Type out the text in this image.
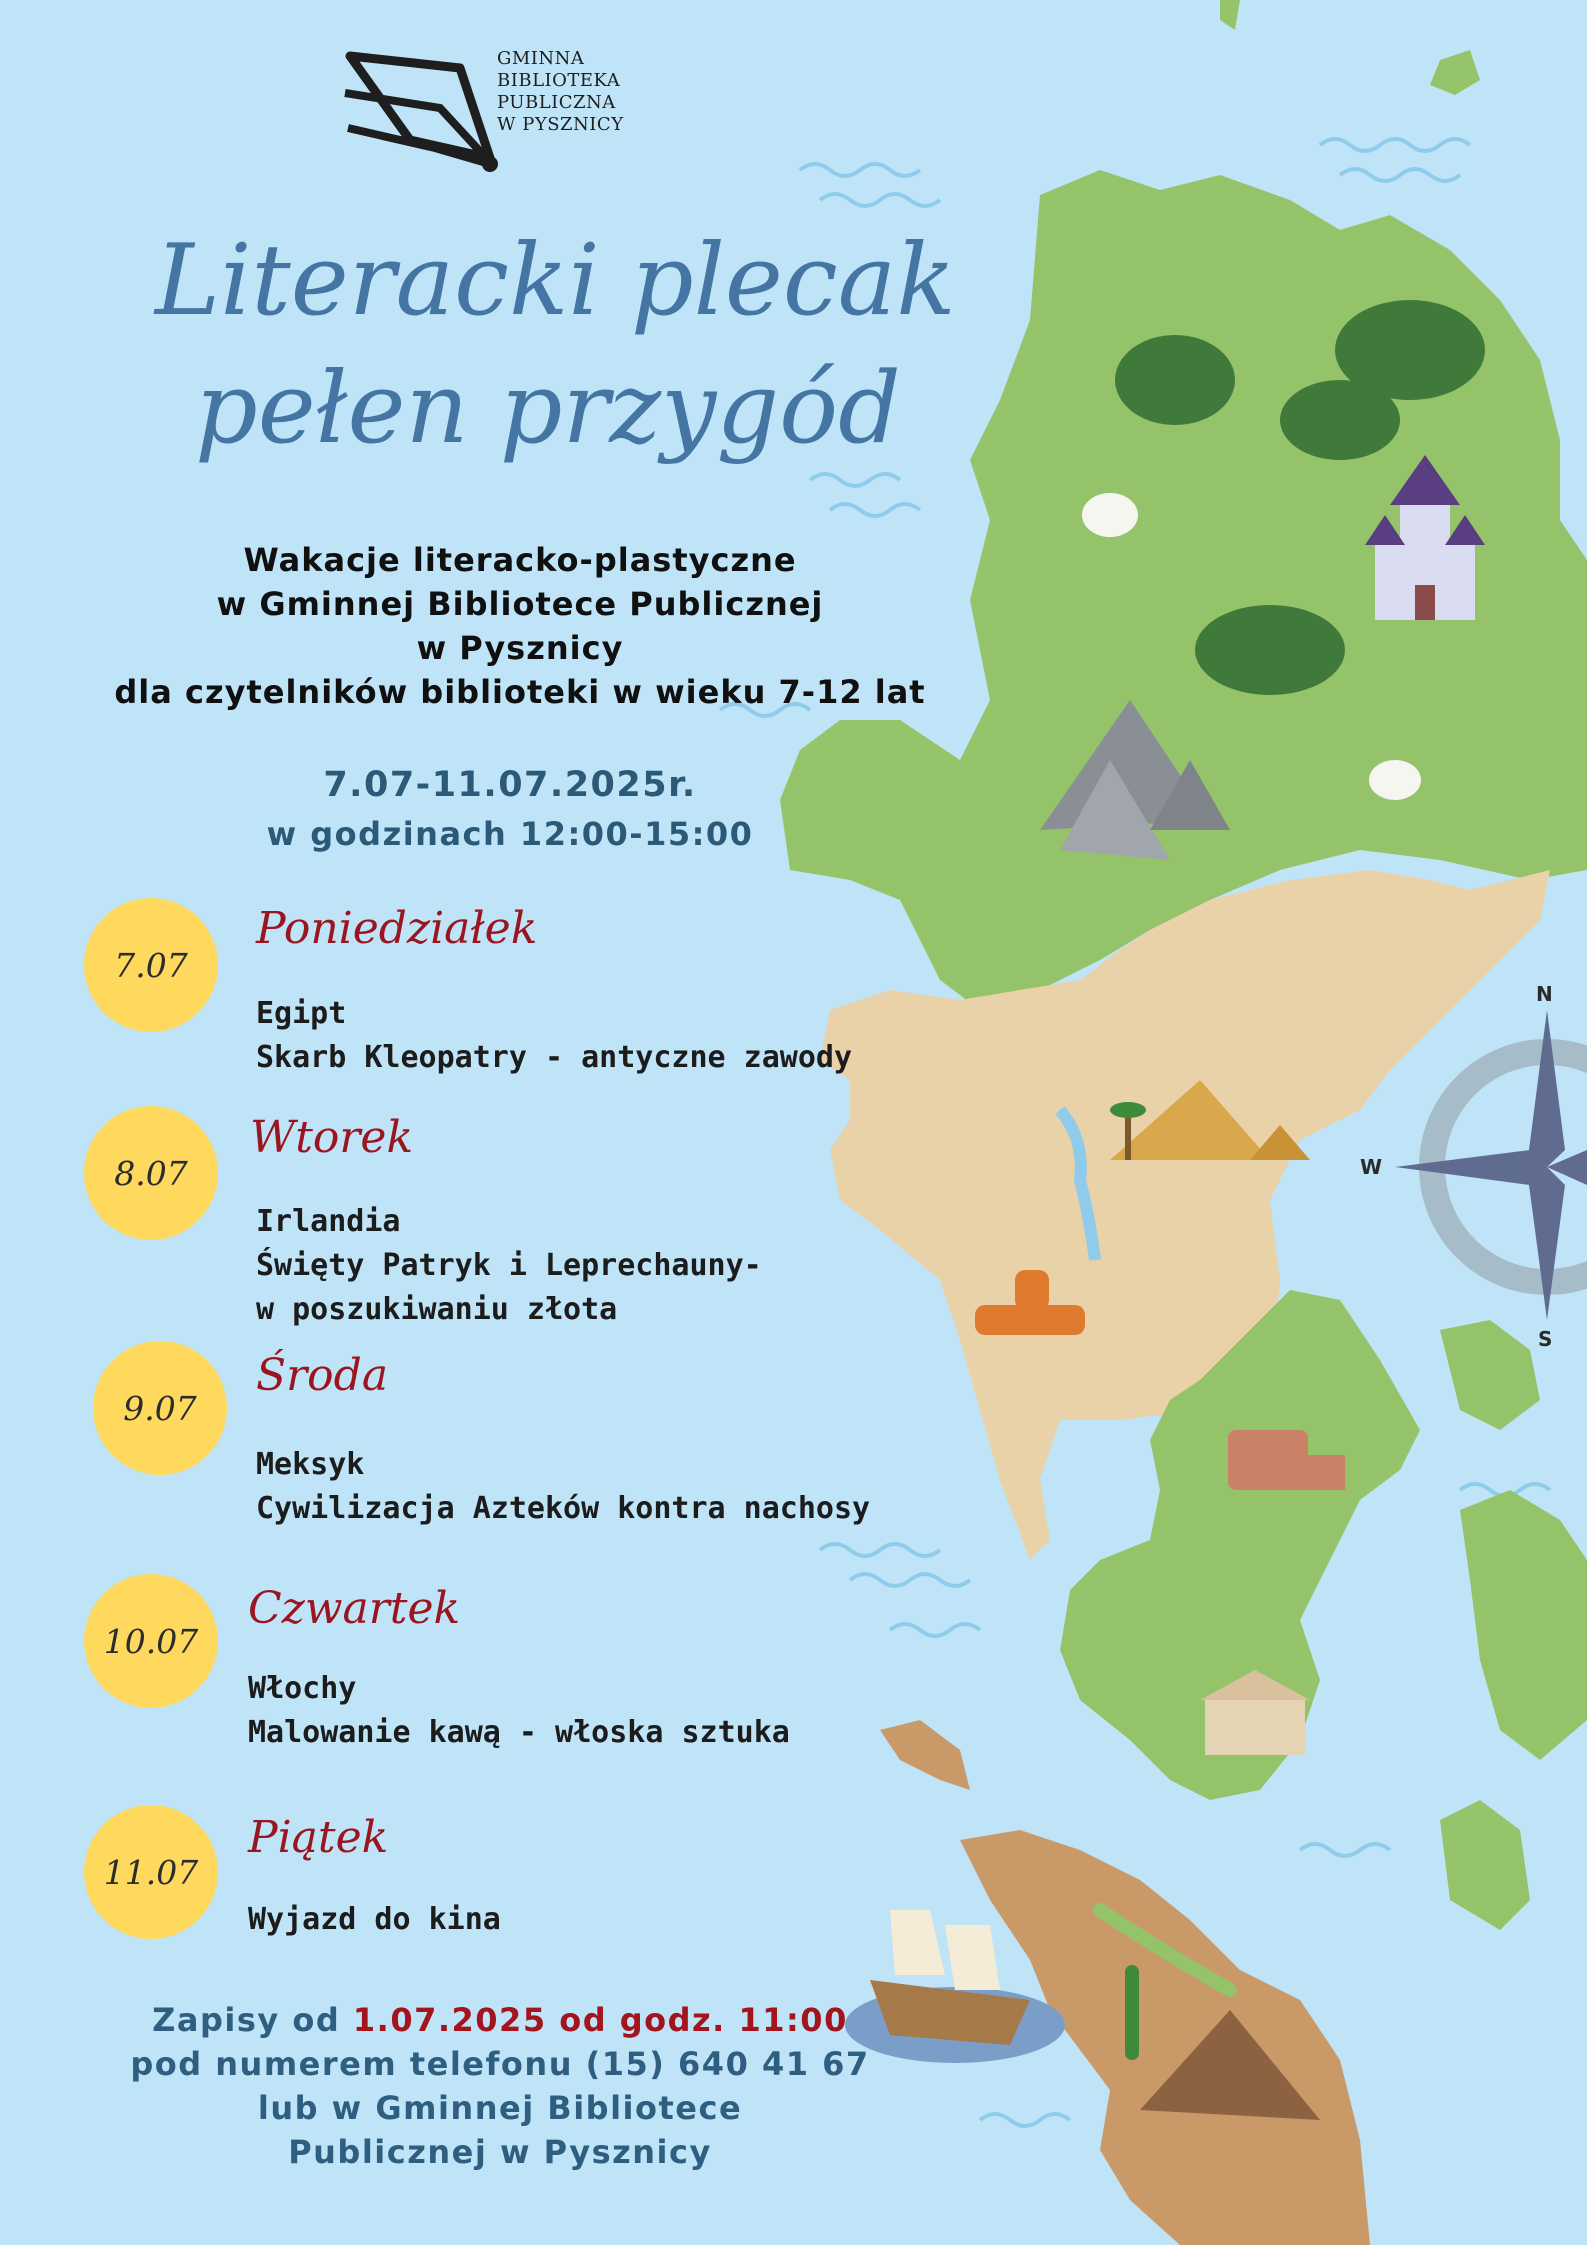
N
W
S
GMINNA
BIBLIOTEKA
PUBLICZNA
W PYSZNICY
Literacki plecak
pełen przygód
Wakacje literacko-plastyczne
w Gminnej Bibliotece Publicznej
w Pysznicy
dla czytelników biblioteki w wieku 7-12 lat
7.07-11.07.2025r.
w godzinach 12:00-15:00
7.07
Poniedziałek
Egipt
Skarb Kleopatry - antyczne zawody
8.07
Wtorek
Irlandia
Święty Patryk i Leprechauny-
w poszukiwaniu złota
9.07
Środa
Meksyk
Cywilizacja Azteków kontra nachosy
10.07
Czwartek
Włochy
Malowanie kawą - włoska sztuka
11.07
Piątek
Wyjazd do kina
Zapisy od 1.07.2025 od godz. 11:00
pod numerem telefonu (15) 640 41 67
lub w Gminnej Bibliotece
Publicznej w Pysznicy
